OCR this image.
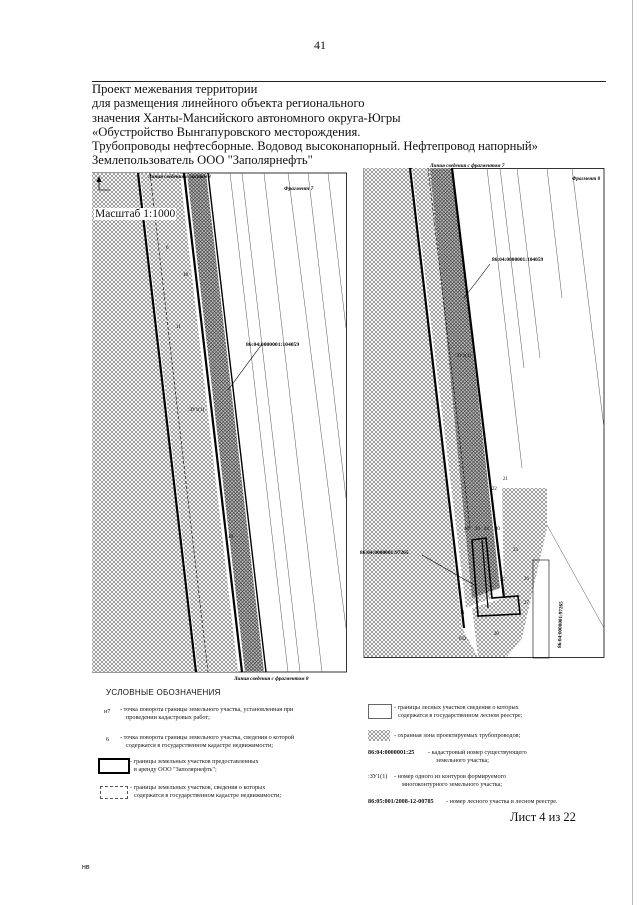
41
Проект межевания территории
для размещения линейного объекта регионального
значения Ханты-Мансийского автономного округа-Югры
«Обустройство Вынгапуровского месторождения.
Трубопроводы нефтесборные. Водовод высоконапорный. Нефтепровод напорный»
Землепользователь ООО "Заполярнефть"
86:04:0000001:104059
:ЗУ1(1)
6
18
11
19
Линия сведения с листом 3
Фрагмент 7
Линия сведения с фрагментом 8
86:04:0000001:104059
86:04:0000001:97265
86:04:0000001:97265
:ЗУ1(1)
21
22
28
23
24
25	26
27
20
31
632
29	30
Линия сведения с фрагментом 7
Фрагмент 8
Масштаб 1:1000
УСЛОВНЫЕ ОБОЗНАЧЕНИЯ
н7 - точка поворота границы земельного участка, установленная при
проведении кадастровых работ;
6 - точка поворота границы земельного участка, сведения о которой
содержатся в государственном кадастре недвижимости;
- границы земельных участков предоставленных
в аренду ООО "Заполярнефть";
- границы земельных участков, сведения о которых
содержатся в государственном кадастре недвижимости;
- границы лесных участков сведения о которых
содержатся в государственном лесном реестре;
- охранная зона проектируемых трубопроводов;
86:04:0000001:25 - кадастровый номер существующего
земельного участка;
:ЗУ1(1) - номер одного из контуров формируемого
многоконтурного земельного участка;
86:05:001/2008-12-00785 - номер лесного участка в лесном реестре.
Лист 4 из 22
нв
